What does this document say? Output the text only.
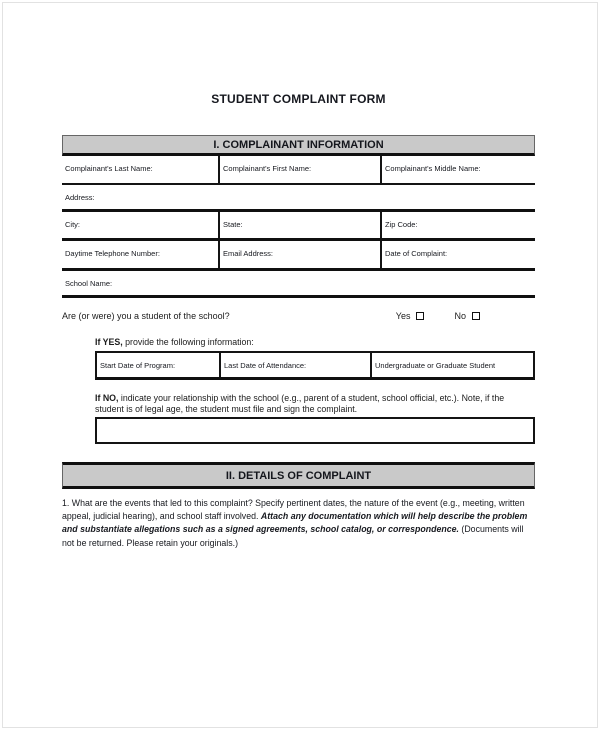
STUDENT COMPLAINT FORM
I. COMPLAINANT INFORMATION
Complainant's Last Name:	Complainant's First Name:	Complainant's Middle Name:
Address:
City:	State:	Zip Code:
Daytime Telephone Number:	Email Address:	Date of Complaint:
School Name:
Are (or were) you a student of the school?	Yes	No

If YES, provide the following information:

Start Date of Program:	Last Date of Attendance:	Undergraduate or Graduate Student

If NO, indicate your relationship with the school (e.g., parent of a student, school official, etc.). Note, if the student is of legal age, the student must file and sign the complaint.

II. DETAILS OF COMPLAINT

1. What are the events that led to this complaint? Specify pertinent dates, the nature of the event (e.g., meeting, written appeal, judicial hearing), and school staff involved. Attach any documentation which will help describe the problem and substantiate allegations such as a signed agreements, school catalog, or correspondence. (Documents will not be returned. Please retain your originals.)
